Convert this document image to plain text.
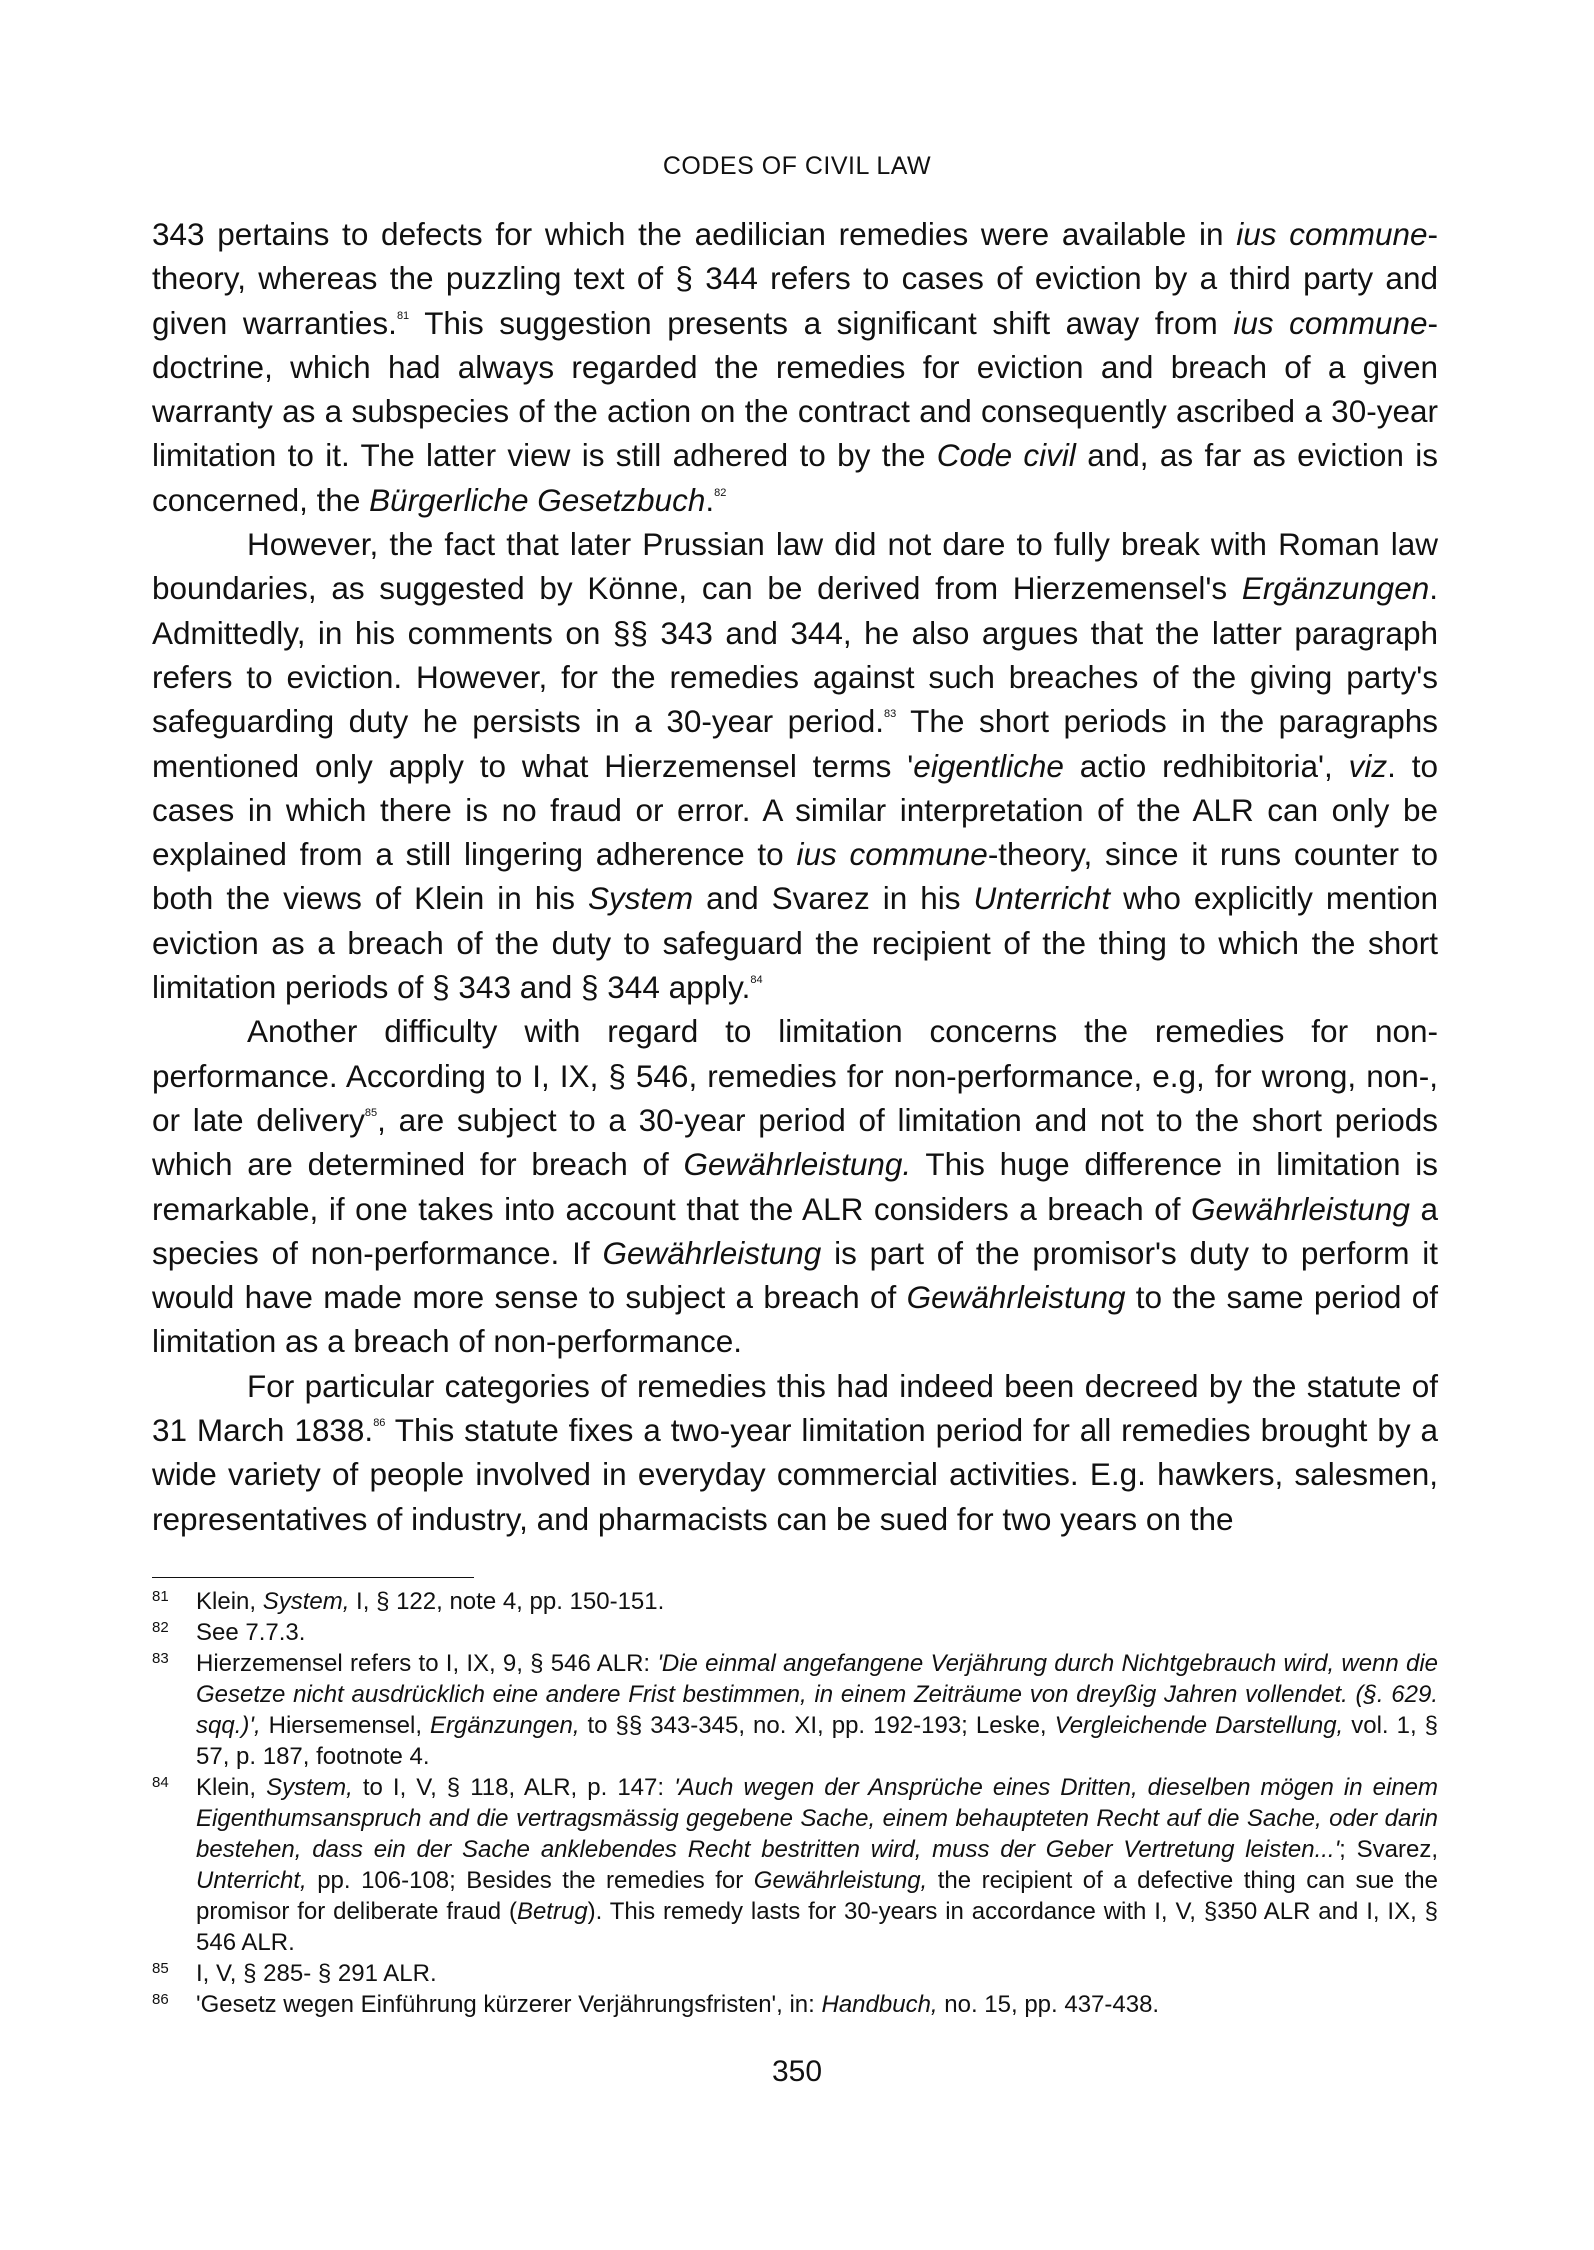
CODES OF CIVIL LAW

343 pertains to defects for which the aedilician remedies were available in ius commune-theory, whereas the puzzling text of § 344 refers to cases of eviction by a third party and given warranties.$^{81}$ This suggestion presents a significant shift away from ius commune-doctrine, which had always regarded the remedies for eviction and breach of a given warranty as a subspecies of the action on the contract and consequently ascribed a 30-year limitation to it. The latter view is still adhered to by the Code civil and, as far as eviction is concerned, the Bürgerliche Gesetzbuch.$^{82}$

However, the fact that later Prussian law did not dare to fully break with Roman law boundaries, as suggested by Könne, can be derived from Hierzemensel's Ergänzungen. Admittedly, in his comments on §§ 343 and 344, he also argues that the latter paragraph refers to eviction. However, for the remedies against such breaches of the giving party's safeguarding duty he persists in a 30-year period.$^{83}$ The short periods in the paragraphs mentioned only apply to what Hierzemensel terms 'eigentliche actio redhibitoria', viz. to cases in which there is no fraud or error. A similar interpretation of the ALR can only be explained from a still lingering adherence to ius commune-theory, since it runs counter to both the views of Klein in his System and Svarez in his Unterricht who explicitly mention eviction as a breach of the duty to safeguard the recipient of the thing to which the short limitation periods of § 343 and § 344 apply.$^{84}$

Another difficulty with regard to limitation concerns the remedies for non-performance. According to I, IX, § 546, remedies for non-performance, e.g, for wrong, non-, or late delivery$^{85}$, are subject to a 30-year period of limitation and not to the short periods which are determined for breach of Gewährleistung. This huge difference in limitation is remarkable, if one takes into account that the ALR considers a breach of Gewährleistung a species of non-performance. If Gewährleistung is part of the promisor's duty to perform it would have made more sense to subject a breach of Gewährleistung to the same period of limitation as a breach of non-performance.

For particular categories of remedies this had indeed been decreed by the statute of 31 March 1838.86 This statute fixes a two-year limitation period for all remedies brought by a wide variety of people involved in everyday commercial activities. E.g. hawkers, salesmen, representatives of industry, and pharmacists can be sued for two years on the

81	Klein, System, I, § 122, note 4, pp. 150-151.
82	See 7.7.3.
83	Hierzemensel refers to I, IX, 9, § 546 ALR: 'Die einmal angefangene Verjährung durch Nichtgebrauch wird, wenn die Gesetze nicht ausdrücklich eine andere Frist bestimmen, in einem Zeiträume von dreyßig Jahren vollendet. (§. 629. sqq.)', Hiersemensel, Ergänzungen, to §§ 343-345, no. XI, pp. 192-193; Leske, Vergleichende Darstellung, vol. 1, § 57, p. 187, footnote 4.
84	Klein, System, to I, V, § 118, ALR, p. 147: 'Auch wegen der Ansprüche eines Dritten, dieselben mögen in einem Eigenthumsanspruch and die vertragsmässig gegebene Sache, einem behaupteten Recht auf die Sache, oder darin bestehen, dass ein der Sache anklebendes Recht bestritten wird, muss der Geber Vertretung leisten...'; Svarez, Unterricht, pp. 106-108; Besides the remedies for Gewährleistung, the recipient of a defective thing can sue the promisor for deliberate fraud (Betrug). This remedy lasts for 30-years in accordance with I, V, §350 ALR and I, IX, § 546 ALR.
85	I, V, § 285- § 291 ALR.
86	'Gesetz wegen Einführung kürzerer Verjährungsfristen', in: Handbuch, no. 15, pp. 437-438.
350
